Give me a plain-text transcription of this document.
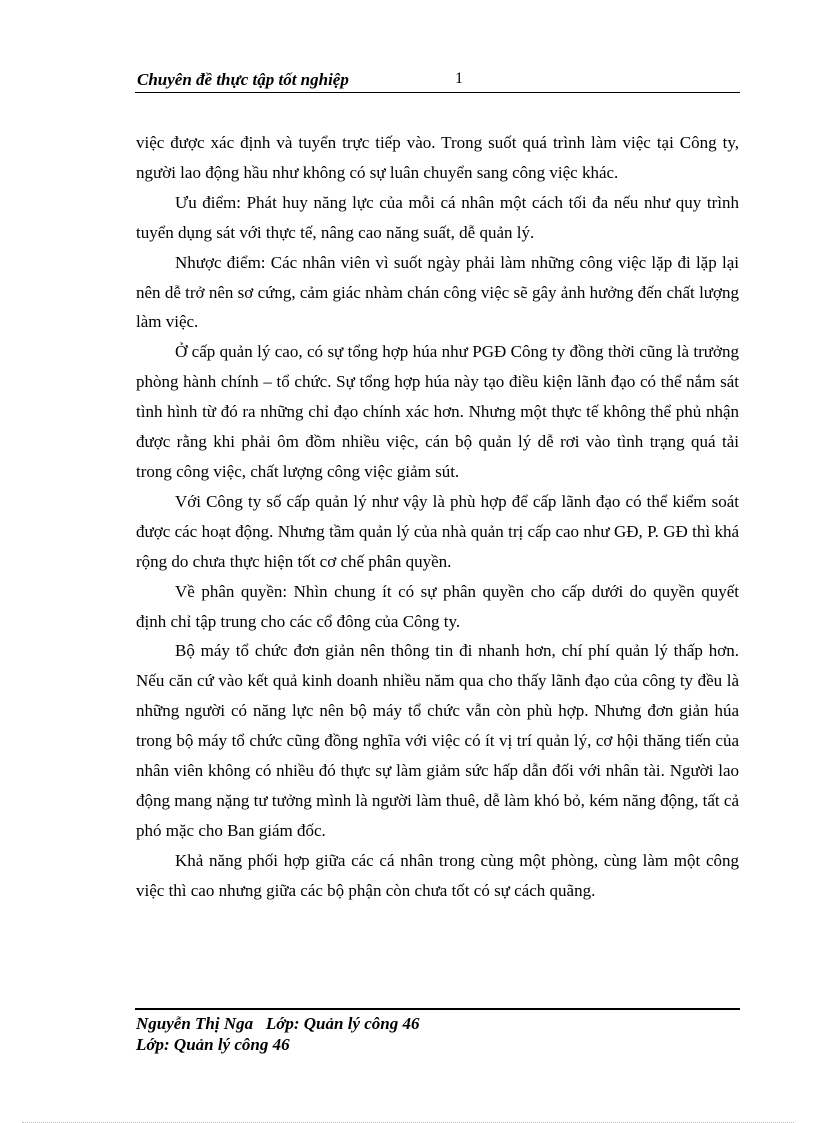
Chuyên đề thực tập tốt nghiệp	1

việc được xác định và tuyển trực tiếp vào. Trong suốt quá trình làm việc tại Công ty, người lao động hầu như không có sự luân chuyển sang công việc khác.

Ưu điểm: Phát huy năng lực của mỗi cá nhân một cách tối đa nếu như quy trình tuyển dụng sát với thực tế, nâng cao năng suất, dễ quản lý.

Nhược điểm: Các nhân viên vì suốt ngày phải làm những công việc lặp đi lặp lại nên dễ trở nên sơ cứng, cảm giác nhàm chán công việc sẽ gây ảnh hưởng đến chất lượng làm việc.

Ở cấp quản lý cao, có sự tổng hợp húa như PGĐ Công ty đồng thời cũng là trưởng phòng hành chính – tổ chức. Sự tổng hợp húa này tạo điều kiện lãnh đạo có thể nắm sát tình hình từ đó ra những chỉ đạo chính xác hơn. Nhưng một thực tế không thể phủ nhận được rằng khi phải ôm đồm nhiều việc, cán bộ quản lý dễ rơi vào tình trạng quá tải trong công việc, chất lượng công việc giảm sút.

Với Công ty số cấp quản lý như vậy là phù hợp để cấp lãnh đạo có thể kiểm soát được các hoạt động. Nhưng tầm quản lý của nhà quản trị cấp cao như GĐ, P. GĐ thì khá rộng do chưa thực hiện tốt cơ chế phân quyền.

Về phân quyền: Nhìn chung ít có sự phân quyền cho cấp dưới do quyền quyết định chỉ tập trung cho các cổ đông của Công ty.

Bộ máy tổ chức đơn giản nên thông tin đi nhanh hơn, chí phí quản lý thấp hơn. Nếu căn cứ vào kết quả kinh doanh nhiều năm qua cho thấy lãnh đạo của công ty đều là những người có năng lực nên bộ máy tổ chức vẫn còn phù hợp. Nhưng đơn giản húa trong bộ máy tổ chức cũng đồng nghĩa với việc có ít vị trí quản lý, cơ hội thăng tiến của nhân viên không có nhiều đó thực sự làm giảm sức hấp dẫn đối với nhân tài. Người lao động mang nặng tư tưởng mình là người làm thuê, dễ làm khó bỏ, kém năng động, tất cả phó mặc cho Ban giám đốc.

Khả năng phối hợp giữa các cá nhân trong cùng một phòng, cùng làm một công việc thì cao nhưng giữa các bộ phận còn chưa tốt có sự cách quãng.

Nguyễn Thị Nga   Lớp: Quản lý công 46
Lớp: Quản lý công 46
